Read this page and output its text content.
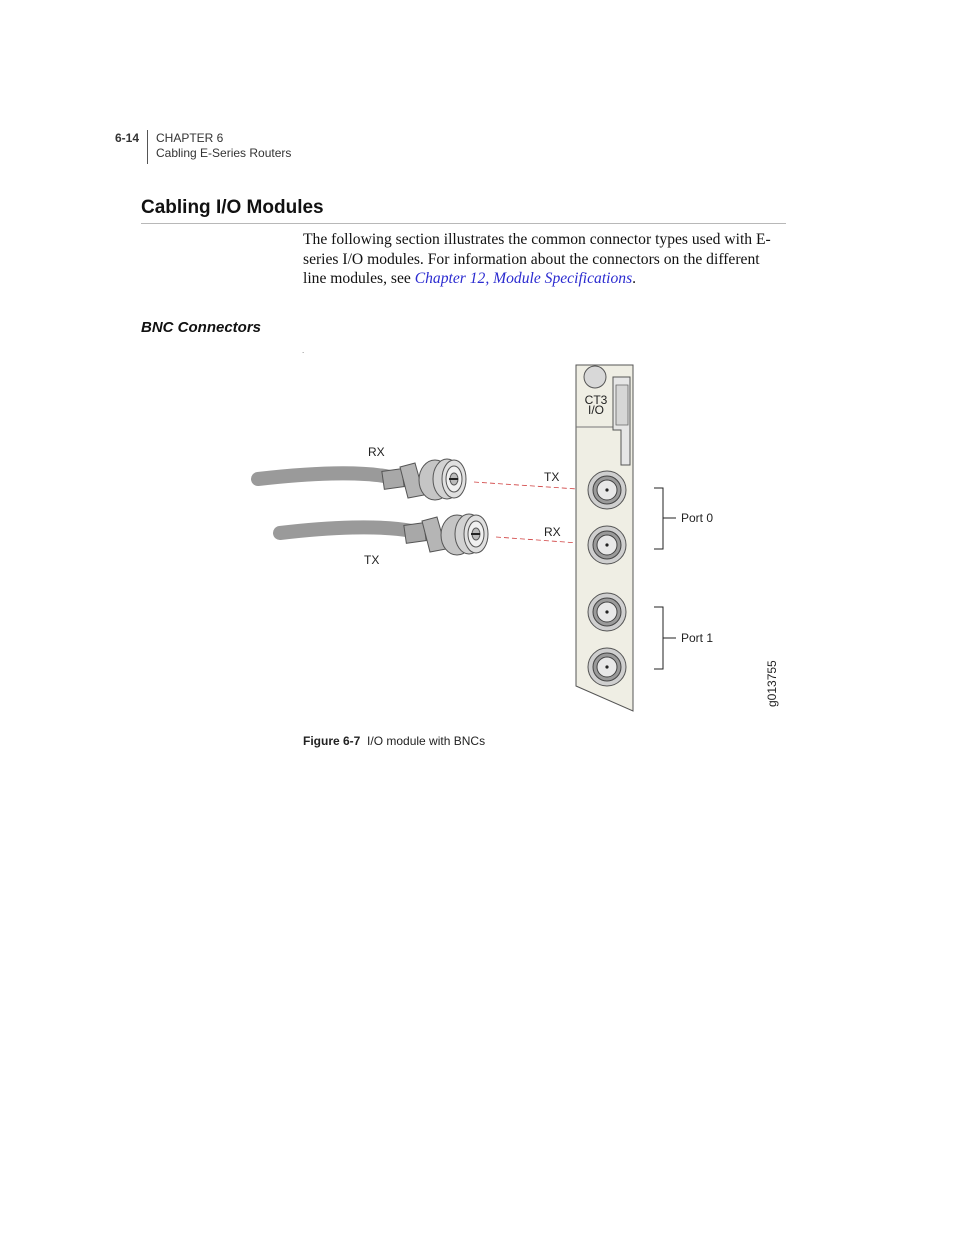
6-14 CHAPTER 6
Cabling E-Series Routers
Cabling I/O Modules

The following section illustrates the common connector types used with E-series I/O modules. For information about the connectors on the different line modules, see Chapter 12, Module Specifications.

BNC Connectors
.
CT3
I/O
RX
TX
TX
RX
Port 0
Port 1
g013755
Figure 6-7 I/O module with BNCs
